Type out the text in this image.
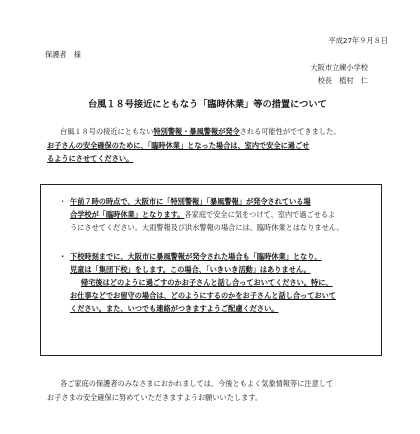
平成27年９月８日
保護者　様
大阪市立練小学校
校長　植村　仁
台風１８号接近にともなう「臨時休業」等の措置について
台風１８号の接近にともない特別警報・暴風警報が発令される可能性がでてきました。
お子さんの安全確保のために、「臨時休業」となった場合は、室内で安全に過ごせ
るようにさせてください。
・ 午前７時の時点で、大阪市に「特別警報」「暴風警報」が発令されている場
合学校が「臨時休業」となります。各家庭で安全に気をつけて、室内で過ごせるよ
うにさせてください。大雨警報及び洪水警報の場合には、臨時休業とはなりません。
・ 下校時刻までに、大阪市に暴風警報が発令された場合も「臨時休業」となり、
児童は「集団下校」をします。この場合、「いきいき活動」はありません。
帰宅後はどのように過ごすのかお子さんと話し合っておいてください。特に、
お仕事などでお留守の場合は、どのようにするのかをお子さんと話し合っておいて
ください。また、いつでも連絡がつきますようご配慮ください。
各ご家庭の保護者のみなさまにおかれましては、今後ともよく気象情報等に注意して
お子さまの安全確保に努めていただきますようお願いいたします。
